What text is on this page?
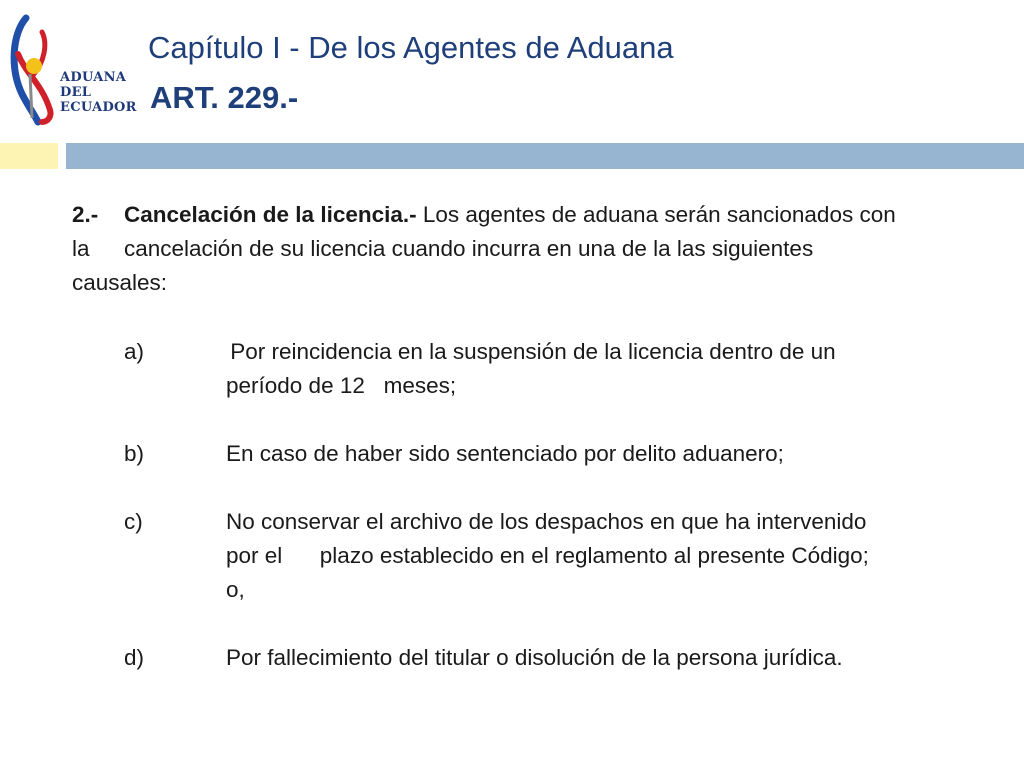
ADUANA
DEL
ECUADOR
Capítulo I - De los Agentes de Aduana
ART. 229.-
2.- Cancelación de la licencia.- Los agentes de aduana serán sancionados con
la cancelación de su licencia cuando incurra en una de la las siguientes
causales:
a)	Por reincidencia en la suspensión de la licencia dentro de un
período de 12   meses;
b)	En caso de haber sido sentenciado por delito aduanero;
c)	No conservar el archivo de los despachos en que ha intervenido
por el      plazo establecido en el reglamento al presente Código;
o,
d)	Por fallecimiento del titular o disolución de la persona jurídica.
